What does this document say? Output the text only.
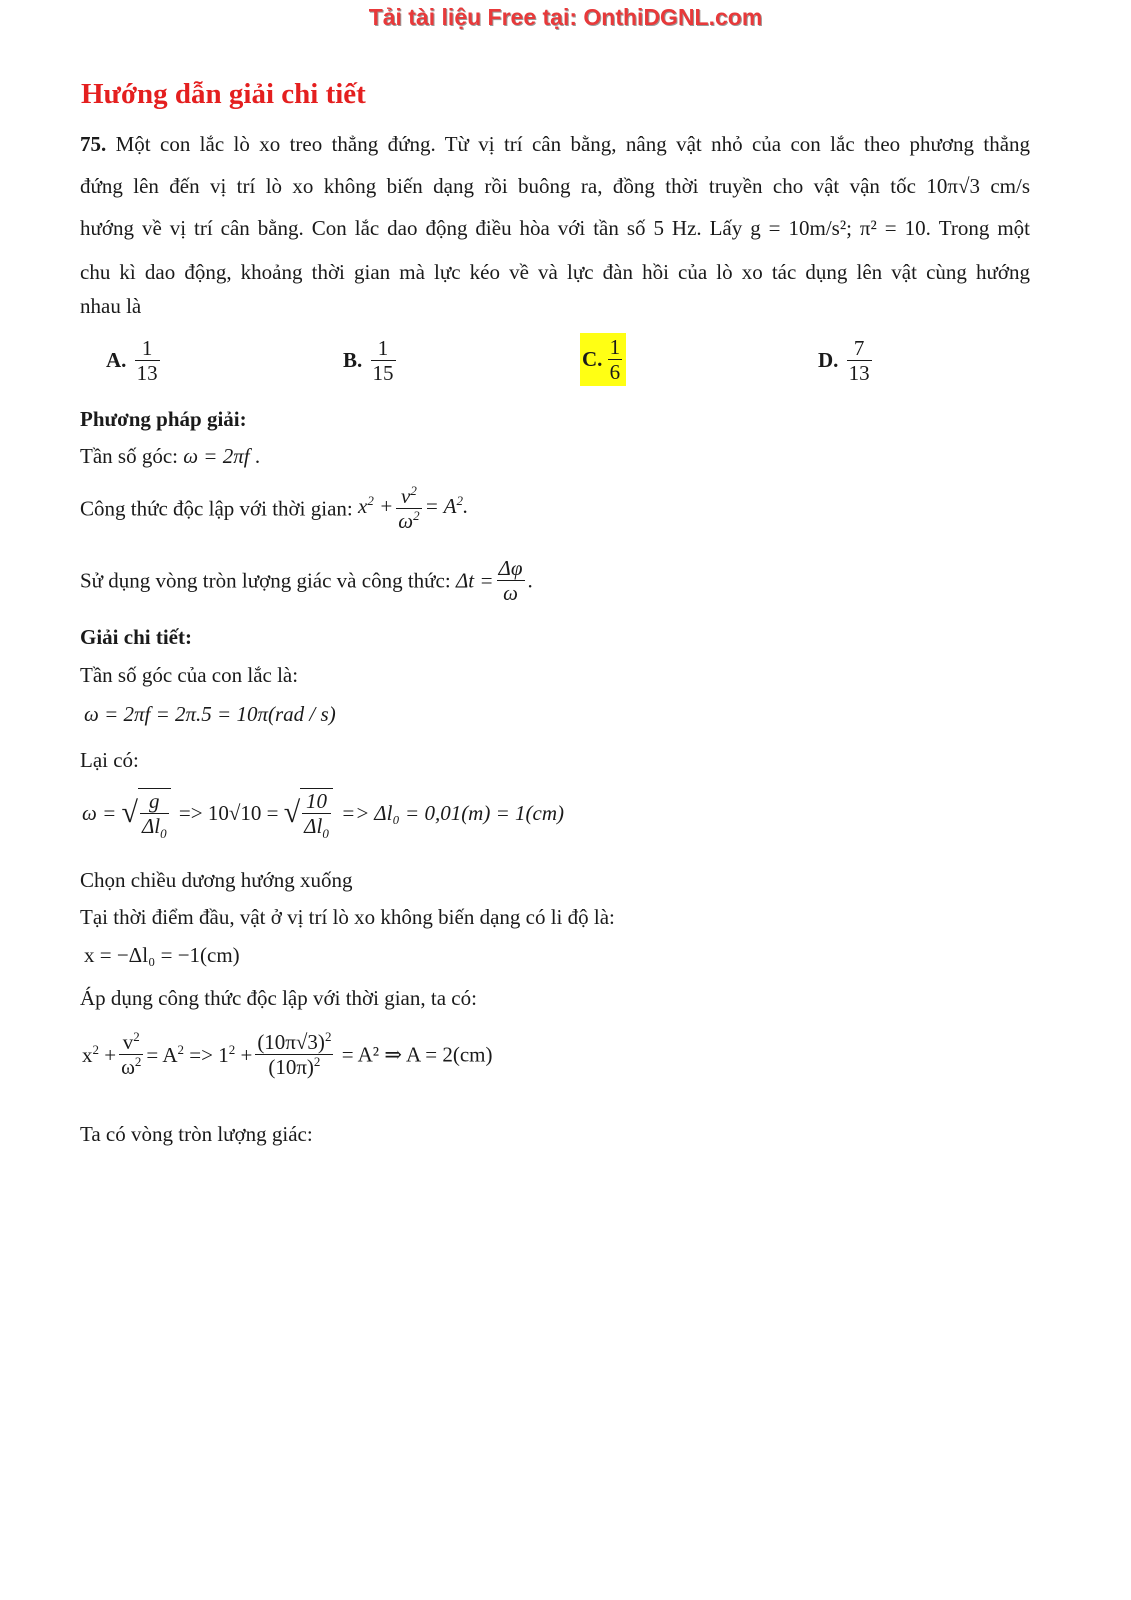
Tải tài liệu Free tại: OnthiDGNL.com
Hướng dẫn giải chi tiết
75. Một con lắc lò xo treo thẳng đứng. Từ vị trí cân bằng, nâng vật nhỏ của con lắc theo phương thẳng
đứng lên đến vị trí lò xo không biến dạng rồi buông ra, đồng thời truyền cho vật vận tốc 10π√3 cm/s
hướng về vị trí cân bằng. Con lắc dao động điều hòa với tần số 5 Hz. Lấy g = 10m/s²; π² = 10. Trong một
chu kì dao động, khoảng thời gian mà lực kéo về và lực đàn hồi của lò xo tác dụng lên vật cùng hướng
nhau là
A. $\frac{1}{13}$	B. $\frac{1}{15}$	C. $\frac{1}{6}$	D. $\frac{7}{13}$
Phương pháp giải:
Tần số góc: ω = 2πf .
Công thức độc lập với thời gian: $x^2 + \frac{v^2}{\omega^2} = A^2$.
Sử dụng vòng tròn lượng giác và công thức: $\Delta t = \frac{\Delta\varphi}{\omega}$ .
Giải chi tiết:
Tần số góc của con lắc là:
ω = 2πf = 2π.5 = 10π(rad / s)
Lại có:
ω = √ $\frac{g}{\Delta l_0} => 10√10$ = √ $\frac{10}{\Delta l_0} => \Delta l_0 = 0,01(m) = 1(cm)$
Chọn chiều dương hướng xuống
Tại thời điểm đầu, vật ở vị trí lò xo không biến dạng có li độ là:
x = −Δl₀ = −1(cm)
Áp dụng công thức độc lập với thời gian, ta có:
$x^2 + \frac{v^2}{\omega^2} = A^2 => 1^2 + \frac{(10\pi√3)^2}{(10\pi)^2} = A^2$ ⇒ A = 2(cm)
Ta có vòng tròn lượng giác:
